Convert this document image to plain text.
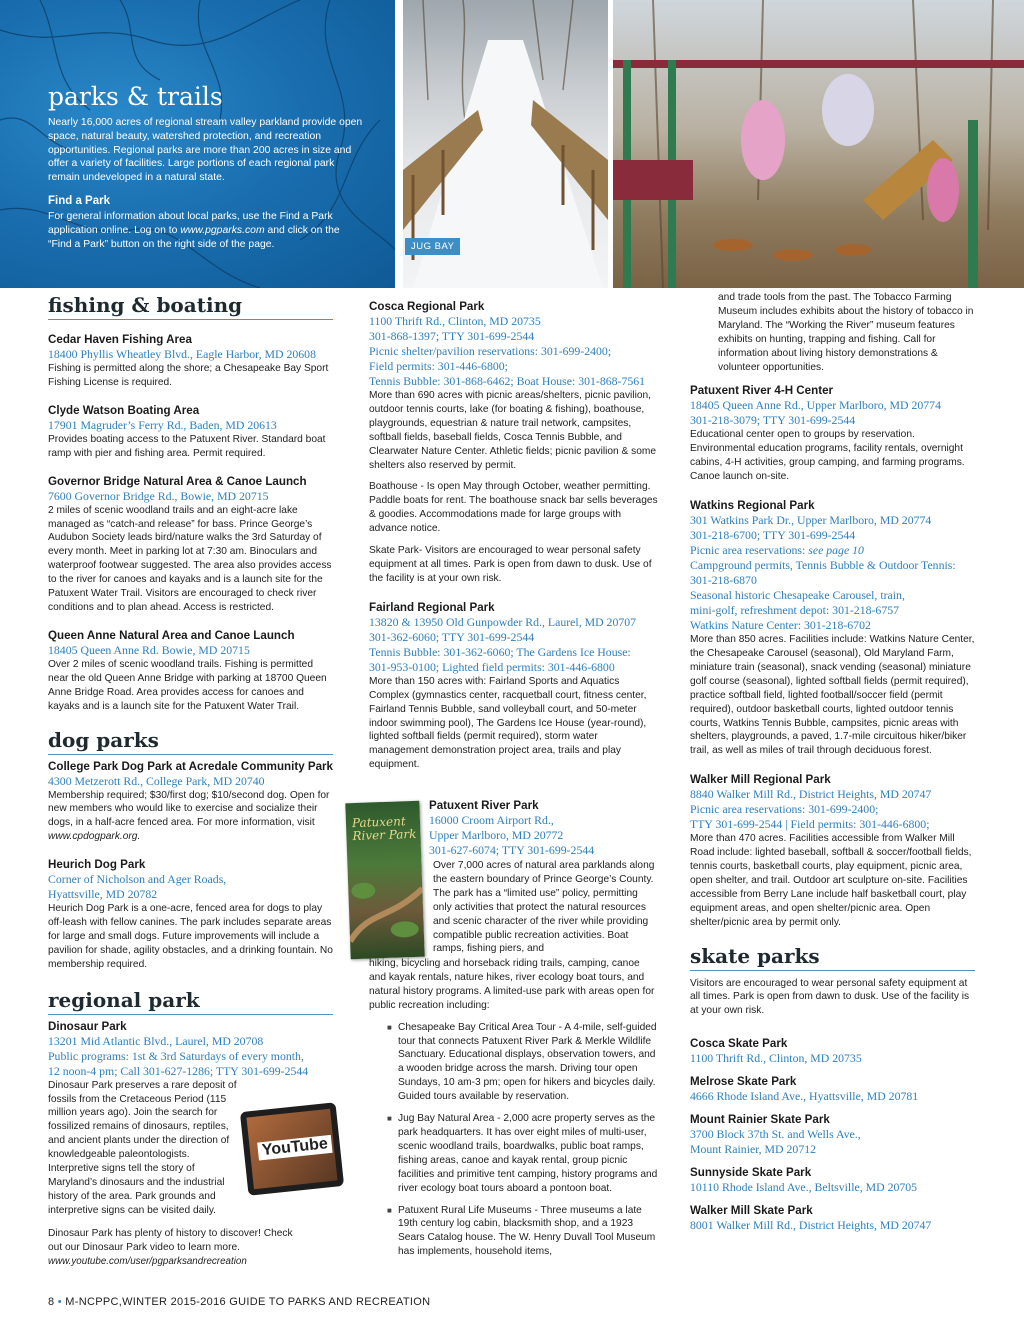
parks & trails
Nearly 16,000 acres of regional stream valley parkland provide open space, natural beauty, watershed protection, and recreation opportunities. Regional parks are more than 200 acres in size and offer a variety of facilities. Large portions of each regional park remain undeveloped in a natural state.
Find a Park
For general information about local parks, use the Find a Park application online. Log on to www.pgparks.com and click on the “Find a Park” button on the right side of the page.	JUG BAY
fishing & boating
Cedar Haven Fishing Area
18400 Phyllis Wheatley Blvd., Eagle Harbor, MD 20608
Fishing is permitted along the shore; a Chesapeake Bay Sport Fishing License is required.
Clyde Watson Boating Area
17901 Magruder’s Ferry Rd., Baden, MD 20613
Provides boating access to the Patuxent River. Standard boat ramp with pier and fishing area. Permit required.
Governor Bridge Natural Area & Canoe Launch
7600 Governor Bridge Rd., Bowie, MD 20715
2 miles of scenic woodland trails and an eight-acre lake managed as “catch-and release” for bass. Prince George’s Audubon Society leads bird/nature walks the 3rd Saturday of every month. Meet in parking lot at 7:30 am. Binoculars and waterproof footwear suggested. The area also provides access to the river for canoes and kayaks and is a launch site for the Patuxent Water Trail. Visitors are encouraged to check river conditions and to plan ahead. Access is restricted.
Queen Anne Natural Area and Canoe Launch
18405 Queen Anne Rd. Bowie, MD 20715
Over 2 miles of scenic woodland trails. Fishing is permitted near the old Queen Anne Bridge with parking at 18700 Queen Anne Bridge Road. Area provides access for canoes and kayaks and is a launch site for the Patuxent Water Trail.
dog parks
College Park Dog Park at Acredale Community Park
4300 Metzerott Rd., College Park, MD 20740
Membership required; $30/first dog; $10/second dog. Open for new members who would like to exercise and socialize their dogs, in a half-acre fenced area. For more information, visit www.cpdogpark.org.
Heurich Dog Park
Corner of Nicholson and Ager Roads,
Hyattsville, MD 20782
Heurich Dog Park is a one-acre, fenced area for dogs to play off-leash with fellow canines. The park includes separate areas for large and small dogs. Future improvements will include a pavilion for shade, agility obstacles, and a drinking fountain. No membership required.
regional park
Dinosaur Park
13201 Mid Atlantic Blvd., Laurel, MD 20708
Public programs: 1st & 3rd Saturdays of every month,
12 noon-4 pm; Call 301-627-1286; TTY 301-699-2544
YouTube
Dinosaur Park preserves a rare deposit of fossils from the Cretaceous Period (115 million years ago). Join the search for fossilized remains of dinosaurs, reptiles, and ancient plants under the direction of knowledgeable paleontologists. Interpretive signs tell the story of Maryland’s dinosaurs and the industrial history of the area. Park grounds and interpretive signs can be visited daily.
Dinosaur Park has plenty of history to discover! Check out our Dinosaur Park video to learn more.
www.youtube.com/user/pgparksandrecreation
Cosca Regional Park
1100 Thrift Rd., Clinton, MD 20735
301-868-1397; TTY 301-699-2544
Picnic shelter/pavilion reservations: 301-699-2400;
Field permits: 301-446-6800;
Tennis Bubble: 301-868-6462; Boat House: 301-868-7561
More than 690 acres with picnic areas/shelters, picnic pavilion, outdoor tennis courts, lake (for boating & fishing), boathouse, playgrounds, equestrian & nature trail network, campsites, softball fields, baseball fields, Cosca Tennis Bubble, and Clearwater Nature Center. Athletic fields; picnic pavilion & some shelters also reserved by permit.
Boathouse - Is open May through October, weather permitting. Paddle boats for rent. The boathouse snack bar sells beverages & goodies. Accommodations made for large groups with advance notice.
Skate Park- Visitors are encouraged to wear personal safety equipment at all times. Park is open from dawn to dusk. Use of the facility is at your own risk.
Fairland Regional Park
13820 & 13950 Old Gunpowder Rd., Laurel, MD 20707
301-362-6060; TTY 301-699-2544
Tennis Bubble: 301-362-6060; The Gardens Ice House:
301-953-0100; Lighted field permits: 301-446-6800
More than 150 acres with: Fairland Sports and Aquatics Complex (gymnastics center, racquetball court, fitness center, Fairland Tennis Bubble, sand volleyball court, and 50-meter indoor swimming pool), The Gardens Ice House (year-round), lighted softball fields (permit required), storm water management demonstration project area, trails and play equipment.
Patuxent River Park
Patuxent River Park
16000 Croom Airport Rd.,
Upper Marlboro, MD 20772
301-627-6074; TTY 301-699-2544
Over 7,000 acres of natural area parklands along the eastern boundary of Prince George’s County. The park has a “limited use” policy, permitting only activities that protect the natural resources and scenic character of the river while providing compatible public recreation activities. Boat ramps, fishing piers, and
hiking, bicycling and horseback riding trails, camping, canoe and kayak rentals, nature hikes, river ecology boat tours, and natural history programs. A limited-use park with areas open for public recreation including:
■ Chesapeake Bay Critical Area Tour - A 4-mile, self-guided tour that connects Patuxent River Park & Merkle Wildlife Sanctuary. Educational displays, observation towers, and a wooden bridge across the marsh. Driving tour open Sundays, 10 am-3 pm; open for hikers and bicycles daily. Guided tours available by reservation.
■ Jug Bay Natural Area - 2,000 acre property serves as the park headquarters. It has over eight miles of multi-user, scenic woodland trails, boardwalks, public boat ramps, fishing areas, canoe and kayak rental, group picnic facilities and primitive tent camping, history programs and river ecology boat tours aboard a pontoon boat.
■ Patuxent Rural Life Museums - Three museums a late 19th century log cabin, blacksmith shop, and a 1923 Sears Catalog house. The W. Henry Duvall Tool Museum has implements, household items,
and trade tools from the past. The Tobacco Farming Museum includes exhibits about the history of tobacco in Maryland. The “Working the River” museum features exhibits on hunting, trapping and fishing. Call for information about living history demonstrations & volunteer opportunities.
Patuxent River 4-H Center
18405 Queen Anne Rd., Upper Marlboro, MD 20774
301-218-3079; TTY 301-699-2544
Educational center open to groups by reservation. Environmental education programs, facility rentals, overnight cabins, 4-H activities, group camping, and farming programs. Canoe launch on-site.
Watkins Regional Park
301 Watkins Park Dr., Upper Marlboro, MD 20774
301-218-6700; TTY 301-699-2544
Picnic area reservations: see page 10
Campground permits, Tennis Bubble & Outdoor Tennis:
301-218-6870
Seasonal historic Chesapeake Carousel, train,
mini-golf, refreshment depot: 301-218-6757
Watkins Nature Center: 301-218-6702
More than 850 acres. Facilities include: Watkins Nature Center, the Chesapeake Carousel (seasonal), Old Maryland Farm, miniature train (seasonal), snack vending (seasonal) miniature golf course (seasonal), lighted softball fields (permit required), practice softball field, lighted football/soccer field (permit required), outdoor basketball courts, lighted outdoor tennis courts, Watkins Tennis Bubble, campsites, picnic areas with shelters, playgrounds, a paved, 1.7-mile circuitous hiker/biker trail, as well as miles of trail through deciduous forest.
Walker Mill Regional Park
8840 Walker Mill Rd., District Heights, MD 20747
Picnic area reservations: 301-699-2400;
TTY 301-699-2544 | Field permits: 301-446-6800;
More than 470 acres. Facilities accessible from Walker Mill Road include: lighted baseball, softball & soccer/football fields, tennis courts, basketball courts, play equipment, picnic area, open shelter, and trail. Outdoor art sculpture on-site. Facilities accessible from Berry Lane include half basketball court, play equipment areas, and open shelter/picnic area. Open shelter/picnic area by permit only.
skate parks
Visitors are encouraged to wear personal safety equipment at all times. Park is open from dawn to dusk. Use of the facility is at your own risk.
Cosca Skate Park
1100 Thrift Rd., Clinton, MD 20735
Melrose Skate Park
4666 Rhode Island Ave., Hyattsville, MD 20781
Mount Rainier Skate Park
3700 Block 37th St. and Wells Ave.,
Mount Rainier, MD 20712
Sunnyside Skate Park
10110 Rhode Island Ave., Beltsville, MD 20705
Walker Mill Skate Park
8001 Walker Mill Rd., District Heights, MD 20747
8 • M-NCPPC,WINTER 2015-2016 GUIDE TO PARKS AND RECREATION
